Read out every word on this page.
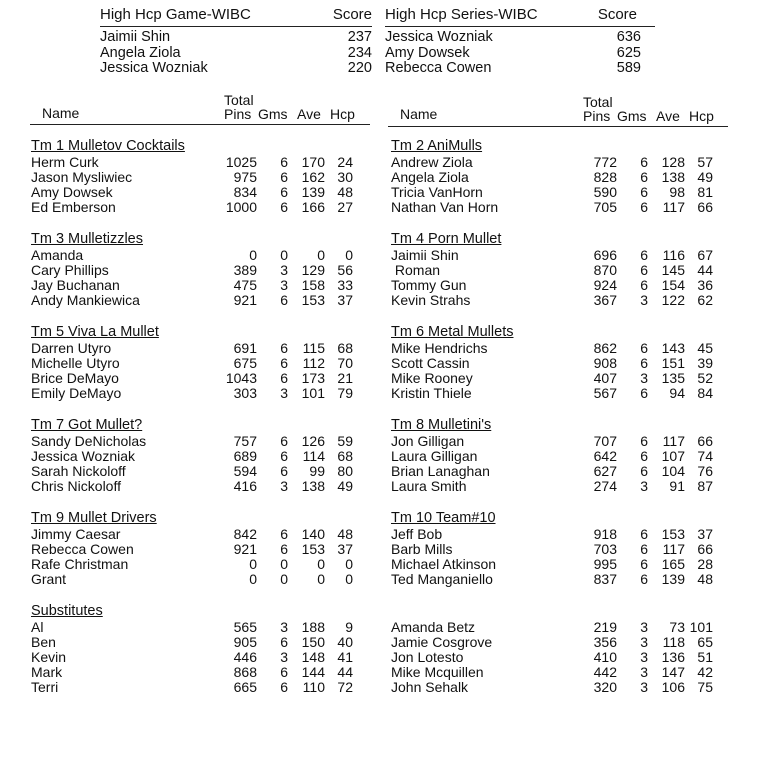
High Hcp Game-WIBC	Score
Jaimii Shin	237
Angela Ziola	234
Jessica Wozniak	220
High Hcp Series-WIBC	Score
Jessica Wozniak	636
Amy Dowsek	625
Rebecca Cowen	589
Name
Total
Pins Gms Ave Hcp	Name
Total
Pins Gms Ave Hcp
Tm 1 Mulletov Cocktails
Herm Curk	1025 6 170 24
Jason Mysliwiec	975 6 162 30
Amy Dowsek	834 6 139 48
Ed Emberson	1000 6 166 27
Tm 3 Mulletizzles
Amanda	0 0 0 0
Cary Phillips	389 3 129 56
Jay Buchanan	475 3 158 33
Andy Mankiewica	921 6 153 37
Tm 5 Viva La Mullet
Darren Utyro	691 6 115 68
Michelle Utyro	675 6 112 70
Brice DeMayo	1043 6 173 21
Emily DeMayo	303 3 101 79
Tm 7 Got Mullet?
Sandy DeNicholas	757 6 126 59
Jessica Wozniak	689 6 114 68
Sarah Nickoloff	594 6 99 80
Chris Nickoloff	416 3 138 49
Tm 9 Mullet Drivers
Jimmy Caesar	842 6 140 48
Rebecca Cowen	921 6 153 37
Rafe Christman	0 0 0 0
Grant	0 0 0 0
Substitutes
Al	565 3 188 9
Ben	905 6 150 40
Kevin	446 3 148 41
Mark	868 6 144 44
Terri	665 6 110 72
Tm 2 AniMulls
Andrew Ziola	772 6 128 57
Angela Ziola	828 6 138 49
Tricia VanHorn	590 6 98 81
Nathan Van Horn	705 6 117 66
Tm 4 Porn Mullet
Jaimii Shin	696 6 116 67
Roman	870 6 145 44
Tommy Gun	924 6 154 36
Kevin Strahs	367 3 122 62
Tm 6 Metal Mullets
Mike Hendrichs	862 6 143 45
Scott Cassin	908 6 151 39
Mike Rooney	407 3 135 52
Kristin Thiele	567 6 94 84
Tm 8 Mulletini's
Jon Gilligan	707 6 117 66
Laura Gilligan	642 6 107 74
Brian Lanaghan	627 6 104 76
Laura Smith	274 3 91 87
Tm 10 Team#10
Jeff Bob	918 6 153 37
Barb Mills	703 6 117 66
Michael Atkinson	995 6 165 28
Ted Manganiello	837 6 139 48
Amanda Betz	219 3 73 101
Jamie Cosgrove	356 3 118 65
Jon Lotesto	410 3 136 51
Mike Mcquillen	442 3 147 42
John Sehalk	320 3 106 75
